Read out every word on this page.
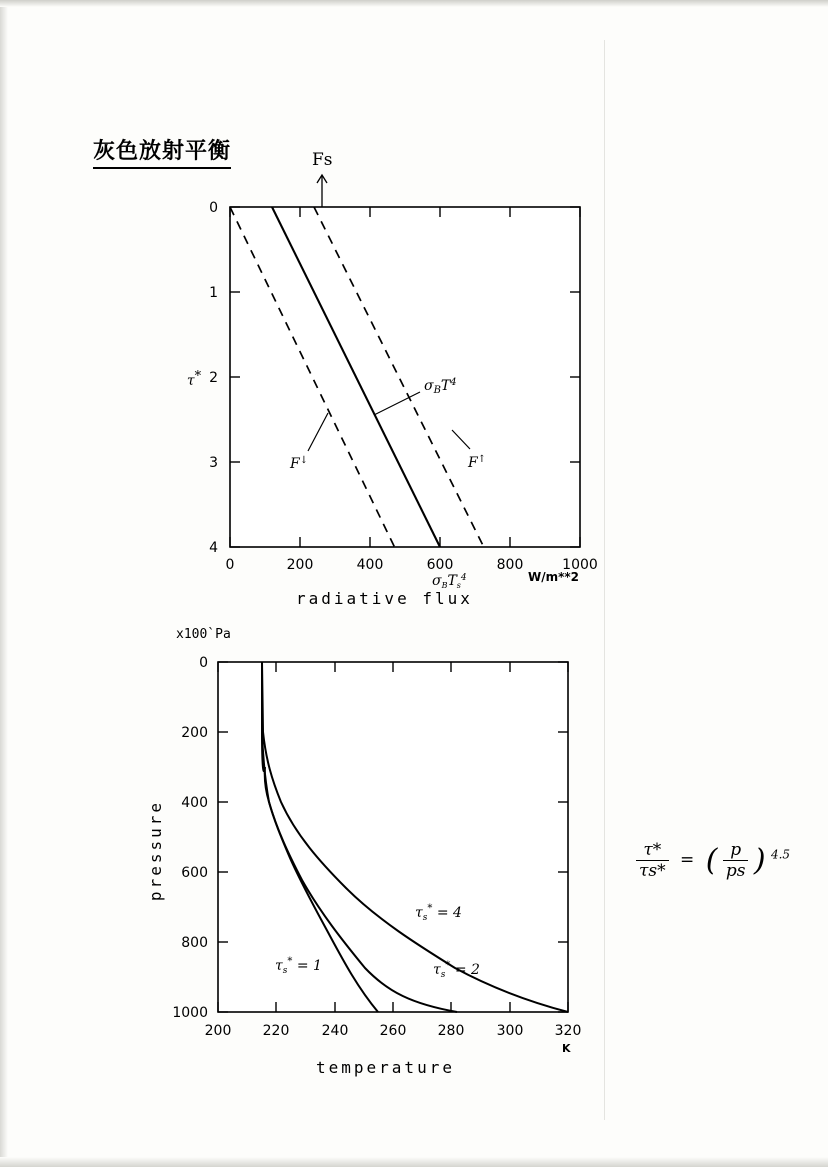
灰色放射平衡	Fs
0
1
2
3
4
0	200	400	600	800	1000
τ*
$\sigma_BT^4$
F↓	F↑
$\sigma_BT_s^4$	W/m**2
radiative flux
x100`Pa
0
200
400
600
800
1000
200 220 240 260 280 300 320
$\tau_s^* = 1$	$\tau_s^* = 2$
$\tau_s^* = 4$
pressure
K
temperature
$\frac{\tau*}{\tau s*}$ = ( $\frac{p}{ps}$ ) $^{4.5}$
